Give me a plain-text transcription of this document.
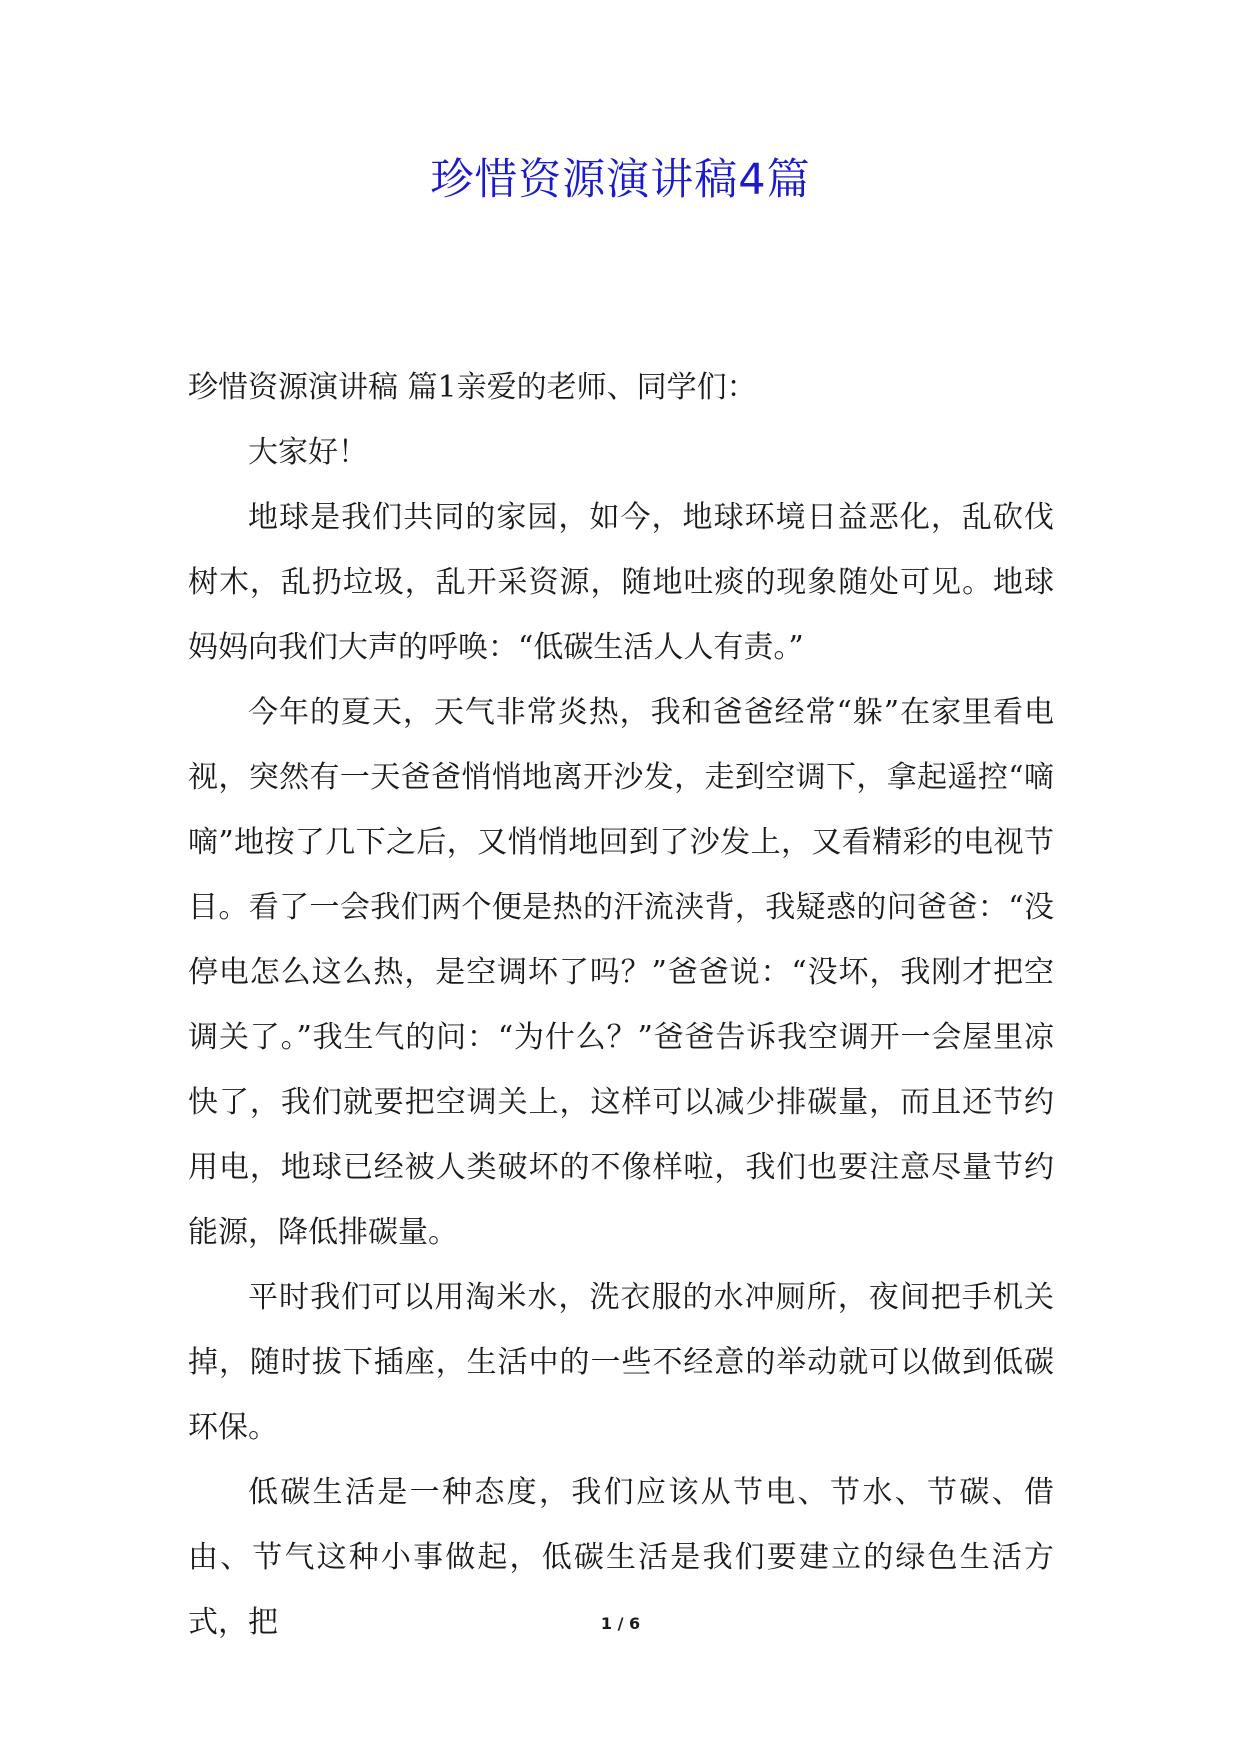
珍惜资源演讲稿4篇

珍惜资源演讲稿 篇1亲爱的老师、同学们：

大家好！

地球是我们共同的家园，如今，地球环境日益恶化，乱砍伐树木，乱扔垃圾，乱开采资源，随地吐痰的现象随处可见。地球妈妈向我们大声的呼唤：“低碳生活人人有责。”

今年的夏天，天气非常炎热，我和爸爸经常“躲”在家里看电视，突然有一天爸爸悄悄地离开沙发，走到空调下，拿起遥控“嘀嘀”地按了几下之后，又悄悄地回到了沙发上，又看精彩的电视节目。看了一会我们两个便是热的汗流浃背，我疑惑的问爸爸：“没停电怎么这么热，是空调坏了吗？”爸爸说：“没坏，我刚才把空调关了。”我生气的问：“为什么？”爸爸告诉我空调开一会屋里凉快了，我们就要把空调关上，这样可以减少排碳量，而且还节约用电，地球已经被人类破坏的不像样啦，我们也要注意尽量节约能源，降低排碳量。

平时我们可以用淘米水，洗衣服的水冲厕所，夜间把手机关掉，随时拔下插座，生活中的一些不经意的举动就可以做到低碳环保。

低碳生活是一种态度，我们应该从节电、节水、节碳、借由、节气这种小事做起，低碳生活是我们要建立的绿色生活方式，把	1 / 6
